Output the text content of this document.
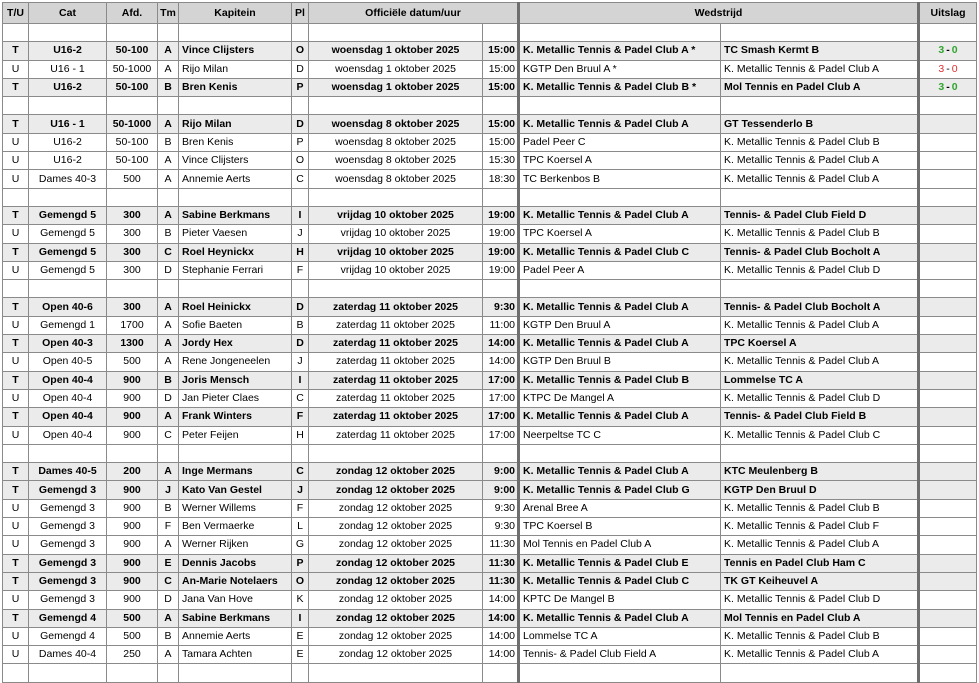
T/U	Cat	Afd.	Tm	Kapitein	Pl	Officiële datum/uur		Wedstrijd		Uitslag

T	U16-2	50-100	A	Vince Clijsters	O	woensdag 1 oktober 2025	15:00	K. Metallic Tennis & Padel Club A *	TC Smash Kermt B	3 - 0
U	U16 - 1	50-1000	A	Rijo Milan	D	woensdag 1 oktober 2025	15:00	KGTP Den Bruul A *	K. Metallic Tennis & Padel Club A	3 - 0
T	U16-2	50-100	B	Bren Kenis	P	woensdag 1 oktober 2025	15:00	K. Metallic Tennis & Padel Club B *	Mol Tennis en Padel Club A	3 - 0

T	U16 - 1	50-1000	A	Rijo Milan	D	woensdag 8 oktober 2025	15:00	K. Metallic Tennis & Padel Club A	GT Tessenderlo B	
U	U16-2	50-100	B	Bren Kenis	P	woensdag 8 oktober 2025	15:00	Padel Peer C	K. Metallic Tennis & Padel Club B	
U	U16-2	50-100	A	Vince Clijsters	O	woensdag 8 oktober 2025	15:30	TPC Koersel A	K. Metallic Tennis & Padel Club A	
U	Dames 40-3	500	A	Annemie Aerts	C	woensdag 8 oktober 2025	18:30	TC Berkenbos B	K. Metallic Tennis & Padel Club A	

T	Gemengd 5	300	A	Sabine Berkmans	I	vrijdag 10 oktober 2025	19:00	K. Metallic Tennis & Padel Club A	Tennis- & Padel Club Field D	
U	Gemengd 5	300	B	Pieter Vaesen	J	vrijdag 10 oktober 2025	19:00	TPC Koersel A	K. Metallic Tennis & Padel Club B	
T	Gemengd 5	300	C	Roel Heynickx	H	vrijdag 10 oktober 2025	19:00	K. Metallic Tennis & Padel Club C	Tennis- & Padel Club Bocholt A	
U	Gemengd 5	300	D	Stephanie Ferrari	F	vrijdag 10 oktober 2025	19:00	Padel Peer A	K. Metallic Tennis & Padel Club D	

T	Open 40-6	300	A	Roel Heinickx	D	zaterdag 11 oktober 2025	9:30	K. Metallic Tennis & Padel Club A	Tennis- & Padel Club Bocholt A	
U	Gemengd 1	1700	A	Sofie Baeten	B	zaterdag 11 oktober 2025	11:00	KGTP Den Bruul A	K. Metallic Tennis & Padel Club A	
T	Open 40-3	1300	A	Jordy Hex	D	zaterdag 11 oktober 2025	14:00	K. Metallic Tennis & Padel Club A	TPC Koersel A	
U	Open 40-5	500	A	Rene Jongeneelen	J	zaterdag 11 oktober 2025	14:00	KGTP Den Bruul B	K. Metallic Tennis & Padel Club A	
T	Open 40-4	900	B	Joris Mensch	I	zaterdag 11 oktober 2025	17:00	K. Metallic Tennis & Padel Club B	Lommelse TC A	
U	Open 40-4	900	D	Jan Pieter Claes	C	zaterdag 11 oktober 2025	17:00	KTPC De Mangel A	K. Metallic Tennis & Padel Club D	
T	Open 40-4	900	A	Frank Winters	F	zaterdag 11 oktober 2025	17:00	K. Metallic Tennis & Padel Club A	Tennis- & Padel Club Field B	
U	Open 40-4	900	C	Peter Feijen	H	zaterdag 11 oktober 2025	17:00	Neerpeltse TC C	K. Metallic Tennis & Padel Club C	

T	Dames 40-5	200	A	Inge Mermans	C	zondag 12 oktober 2025	9:00	K. Metallic Tennis & Padel Club A	KTC Meulenberg B	
T	Gemengd 3	900	J	Kato Van Gestel	J	zondag 12 oktober 2025	9:00	K. Metallic Tennis & Padel Club G	KGTP Den Bruul D	
U	Gemengd 3	900	B	Werner Willems	F	zondag 12 oktober 2025	9:30	Arenal Bree A	K. Metallic Tennis & Padel Club B	
U	Gemengd 3	900	F	Ben Vermaerke	L	zondag 12 oktober 2025	9:30	TPC Koersel B	K. Metallic Tennis & Padel Club F	
U	Gemengd 3	900	A	Werner Rijken	G	zondag 12 oktober 2025	11:30	Mol Tennis en Padel Club A	K. Metallic Tennis & Padel Club A	
T	Gemengd 3	900	E	Dennis Jacobs	P	zondag 12 oktober 2025	11:30	K. Metallic Tennis & Padel Club E	Tennis en Padel Club Ham C	
T	Gemengd 3	900	C	An-Marie Notelaers	O	zondag 12 oktober 2025	11:30	K. Metallic Tennis & Padel Club C	TK GT Keiheuvel A	
U	Gemengd 3	900	D	Jana Van Hove	K	zondag 12 oktober 2025	14:00	KPTC De Mangel B	K. Metallic Tennis & Padel Club D	
T	Gemengd 4	500	A	Sabine Berkmans	I	zondag 12 oktober 2025	14:00	K. Metallic Tennis & Padel Club A	Mol Tennis en Padel Club A	
U	Gemengd 4	500	B	Annemie Aerts	E	zondag 12 oktober 2025	14:00	Lommelse TC A	K. Metallic Tennis & Padel Club B	
U	Dames 40-4	250	A	Tamara Achten	E	zondag 12 oktober 2025	14:00	Tennis- & Padel Club Field A	K. Metallic Tennis & Padel Club A	
